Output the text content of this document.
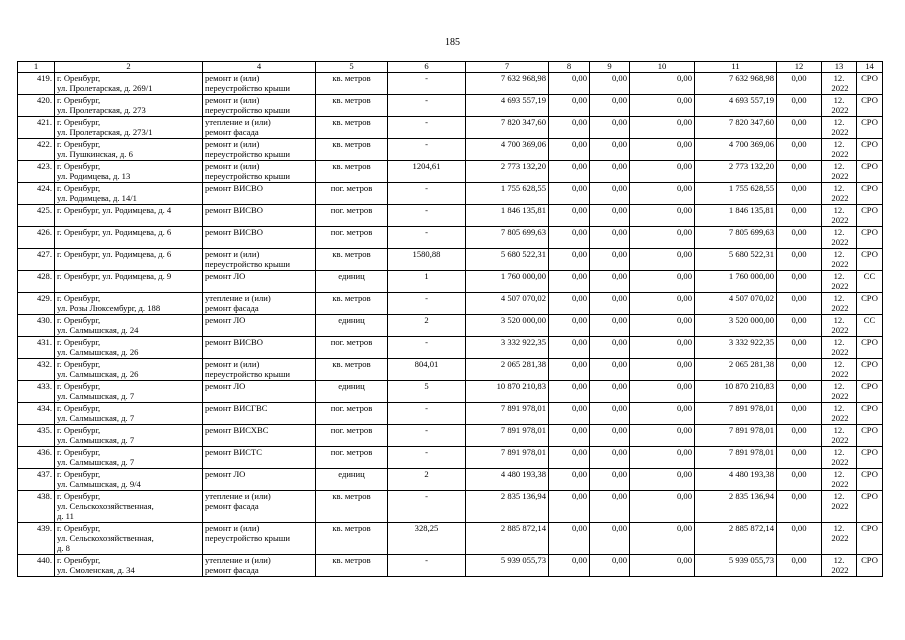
185
1	2	4	5	6	7	8	9	10	11	12	13	14
419.	г. Оренбург,
ул. Пролетарская, д. 269/1	ремонт и (или)
переустройство крыши	кв. метров	-	7 632 968,98	0,00	0,00	0,00	7 632 968,98	0,00	12.
2022	СРО
420.	г. Оренбург,
ул. Пролетарская, д. 273	ремонт и (или)
переустройство крыши	кв. метров	-	4 693 557,19	0,00	0,00	0,00	4 693 557,19	0,00	12.
2022	СРО
421.	г. Оренбург,
ул. Пролетарская, д. 273/1	утепление и (или)
ремонт фасада	кв. метров	-	7 820 347,60	0,00	0,00	0,00	7 820 347,60	0,00	12.
2022	СРО
422.	г. Оренбург,
ул. Пушкинская, д. 6	ремонт и (или)
переустройство крыши	кв. метров	-	4 700 369,06	0,00	0,00	0,00	4 700 369,06	0,00	12.
2022	СРО
423.	г. Оренбург,
ул. Родимцева, д. 13	ремонт и (или)
переустройство крыши	кв. метров	1204,61	2 773 132,20	0,00	0,00	0,00	2 773 132,20	0,00	12.
2022	СРО
424.	г. Оренбург,
ул. Родимцева, д. 14/1	ремонт ВИСВО	пог. метров	-	1 755 628,55	0,00	0,00	0,00	1 755 628,55	0,00	12.
2022	СРО
425.	г. Оренбург, ул. Родимцева, д. 4	ремонт ВИСВО	пог. метров	-	1 846 135,81	0,00	0,00	0,00	1 846 135,81	0,00	12.
2022	СРО
426.	г. Оренбург, ул. Родимцева, д. 6	ремонт ВИСВО	пог. метров	-	7 805 699,63	0,00	0,00	0,00	7 805 699,63	0,00	12.
2022	СРО
427.	г. Оренбург, ул. Родимцева, д. 6	ремонт и (или)
переустройство крыши	кв. метров	1580,88	5 680 522,31	0,00	0,00	0,00	5 680 522,31	0,00	12.
2022	СРО
428.	г. Оренбург, ул. Родимцева, д. 9	ремонт ЛО	единиц	1	1 760 000,00	0,00	0,00	0,00	1 760 000,00	0,00	12.
2022	СС
429.	г. Оренбург,
ул. Розы Люксембург, д. 188	утепление и (или)
ремонт фасада	кв. метров	-	4 507 070,02	0,00	0,00	0,00	4 507 070,02	0,00	12.
2022	СРО
430.	г. Оренбург,
ул. Салмышская, д. 24	ремонт ЛО	единиц	2	3 520 000,00	0,00	0,00	0,00	3 520 000,00	0,00	12.
2022	СС
431.	г. Оренбург,
ул. Салмышская, д. 26	ремонт ВИСВО	пог. метров	-	3 332 922,35	0,00	0,00	0,00	3 332 922,35	0,00	12.
2022	СРО
432.	г. Оренбург,
ул. Салмышская, д. 26	ремонт и (или)
переустройство крыши	кв. метров	804,01	2 065 281,38	0,00	0,00	0,00	2 065 281,38	0,00	12.
2022	СРО
433.	г. Оренбург,
ул. Салмышская, д. 7	ремонт ЛО	единиц	5	10 870 210,83	0,00	0,00	0,00	10 870 210,83	0,00	12.
2022	СРО
434.	г. Оренбург,
ул. Салмышская, д. 7	ремонт ВИСГВС	пог. метров	-	7 891 978,01	0,00	0,00	0,00	7 891 978,01	0,00	12.
2022	СРО
435.	г. Оренбург,
ул. Салмышская, д. 7	ремонт ВИСХВС	пог. метров	-	7 891 978,01	0,00	0,00	0,00	7 891 978,01	0,00	12.
2022	СРО
436.	г. Оренбург,
ул. Салмышская, д. 7	ремонт ВИСТС	пог. метров	-	7 891 978,01	0,00	0,00	0,00	7 891 978,01	0,00	12.
2022	СРО
437.	г. Оренбург,
ул. Салмышская, д. 9/4	ремонт ЛО	единиц	2	4 480 193,38	0,00	0,00	0,00	4 480 193,38	0,00	12.
2022	СРО
438.	г. Оренбург,
ул. Сельскохозяйственная,
д. 11	утепление и (или)
ремонт фасада	кв. метров	-	2 835 136,94	0,00	0,00	0,00	2 835 136,94	0,00	12.
2022	СРО
439.	г. Оренбург,
ул. Сельскохозяйственная,
д. 8	ремонт и (или)
переустройство крыши	кв. метров	328,25	2 885 872,14	0,00	0,00	0,00	2 885 872,14	0,00	12.
2022	СРО
440.	г. Оренбург,
ул. Смоленская, д. 34	утепление и (или)
ремонт фасада	кв. метров	-	5 939 055,73	0,00	0,00	0,00	5 939 055,73	0,00	12.
2022	СРО
